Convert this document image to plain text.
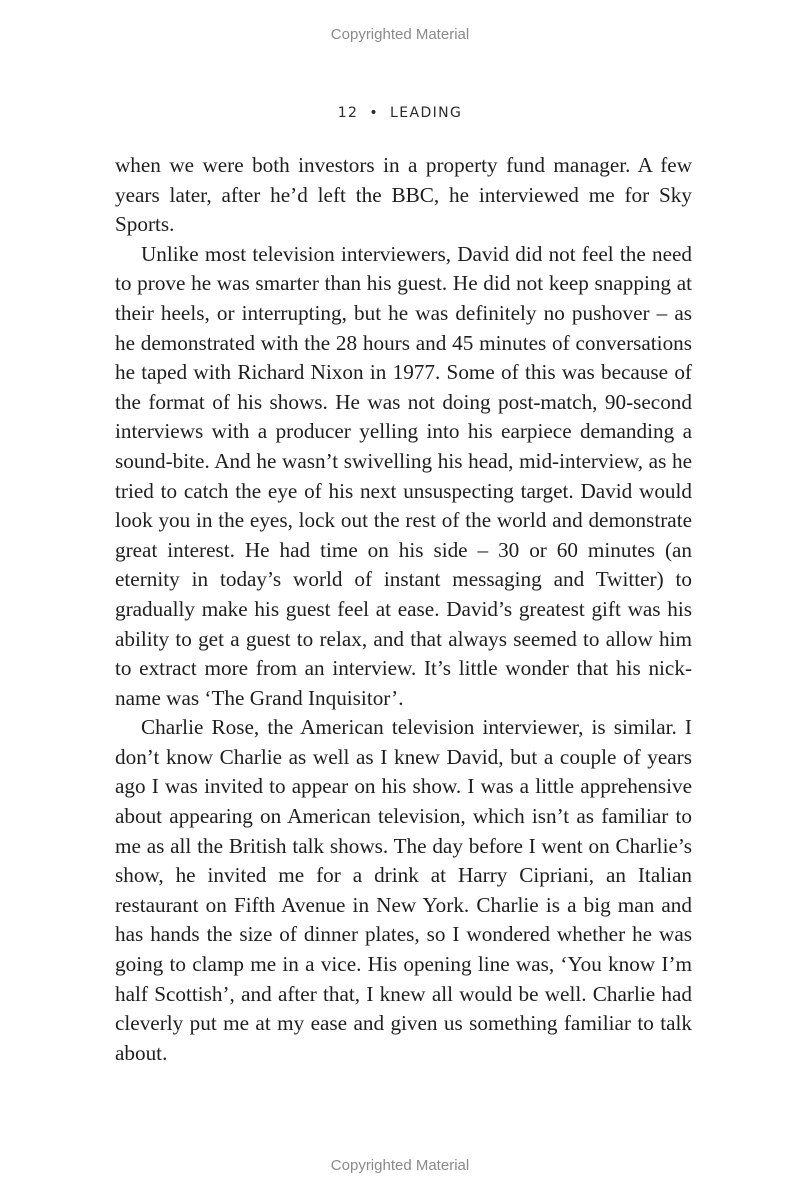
Copyrighted Material
12 • LEADING

when we were both investors in a property fund manager. A few years later, after he’d left the BBC, he interviewed me for Sky Sports.

Unlike most television interviewers, David did not feel the need to prove he was smarter than his guest. He did not keep snapping at their heels, or interrupting, but he was definitely no pushover – as he demonstrated with the 28 hours and 45 minutes of conversations he taped with Richard Nixon in 1977. Some of this was because of the format of his shows. He was not doing post-match, 90-second interviews with a producer yelling into his earpiece demanding a sound-bite. And he wasn’t swivelling his head, mid-interview, as he tried to catch the eye of his next unsuspecting target. David would look you in the eyes, lock out the rest of the world and demonstrate great interest. He had time on his side – 30 or 60 minutes (an eternity in today’s world of instant messaging and Twitter) to gradually make his guest feel at ease. David’s greatest gift was his ability to get a guest to relax, and that always seemed to allow him to extract more from an interview. It’s little wonder that his nickname was ‘The Grand Inquisitor’.

Charlie Rose, the American television interviewer, is similar. I don’t know Charlie as well as I knew David, but a couple of years ago I was invited to appear on his show. I was a little apprehensive about appearing on American television, which isn’t as familiar to me as all the British talk shows. The day before I went on Charlie’s show, he invited me for a drink at Harry Cipriani, an Italian restaurant on Fifth Avenue in New York. Charlie is a big man and has hands the size of dinner plates, so I wondered whether he was going to clamp me in a vice. His opening line was, ‘You know I’m half Scottish’, and after that, I knew all would be well. Charlie had cleverly put me at my ease and given us something familiar to talk about.

Copyrighted Material
